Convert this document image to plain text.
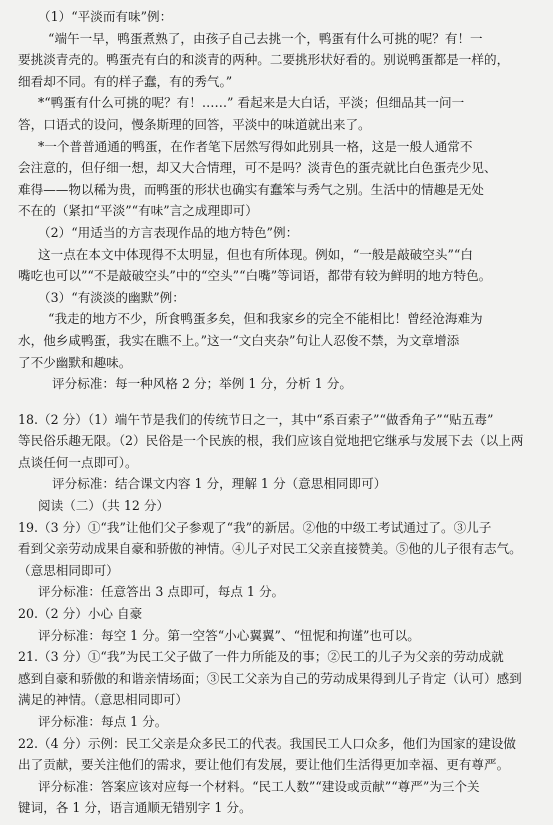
（1）“平淡而有味”例：
“端午一早，鸭蛋煮熟了，由孩子自己去挑一个，鸭蛋有什么可挑的呢？有！一
要挑淡青壳的。鸭蛋壳有白的和淡青的两种。二要挑形状好看的。别说鸭蛋都是一样的，
细看却不同。有的样子蠢，有的秀气。”
*“鸭蛋有什么可挑的呢？有！……” 看起来是大白话，平淡；但细品其一问一
答，口语式的设问，慢条斯理的回答，平淡中的味道就出来了。
*一个普普通通的鸭蛋，在作者笔下居然写得如此别具一格，这是一般人通常不
会注意的，但仔细一想，却又大合情理，可不是吗？淡青色的蛋壳就比白色蛋壳少见、
难得——物以稀为贵，而鸭蛋的形状也确实有蠢笨与秀气之别。生活中的情趣是无处
不在的（紧扣“平淡”“有味”言之成理即可）
（2）“用适当的方言表现作品的地方特色”例：
这一点在本文中体现得不太明显，但也有所体现。例如，“一般是敲破空头”“白
嘴吃也可以”“不是敲破空头”中的“空头”“白嘴”等词语，都带有较为鲜明的地方特色。
（3）“有淡淡的幽默”例：
“我走的地方不少，所食鸭蛋多矣，但和我家乡的完全不能相比！曾经沧海难为
水，他乡咸鸭蛋，我实在瞧不上。”这一“文白夹杂”句让人忍俊不禁，为文章增添
了不少幽默和趣味。
评分标准：每一种风格 2 分；举例 1 分，分析 1 分。
18.（2 分）（1）端午节是我们的传统节日之一，其中“系百索子”“做香角子”“贴五毒”
等民俗乐趣无限。（2）民俗是一个民族的根，我们应该自觉地把它继承与发展下去（以上两
点谈任何一点即可）。
评分标准：结合课文内容 1 分，理解 1 分（意思相同即可）
阅读（二）（共 12 分）
19.（3 分）①“我”让他们父子参观了“我”的新居。②他的中级工考试通过了。③儿子
看到父亲劳动成果自豪和骄傲的神情。④儿子对民工父亲直接赞美。⑤他的儿子很有志气。
（意思相同即可）
评分标准：任意答出 3 点即可，每点 1 分。
20.（2 分）小心 自豪
评分标准：每空 1 分。第一空答“小心翼翼”、“忸怩和拘谨”也可以。
21.（3 分）①“我”为民工父子做了一件力所能及的事；②民工的儿子为父亲的劳动成就
感到自豪和骄傲的和谐亲情场面；③民工父亲为自己的劳动成果得到儿子肯定（认可）感到
满足的神情。（意思相同即可）
评分标准：每点 1 分。
22.（4 分）示例：民工父亲是众多民工的代表。我国民工人口众多，他们为国家的建设做
出了贡献，要关注他们的需求，要让他们有发展，要让他们生活得更加幸福、更有尊严。
评分标准：答案应该对应每一个材料。“民工人数”“建设或贡献”“尊严”为三个关
键词，各 1 分，语言通顺无错别字 1 分。
